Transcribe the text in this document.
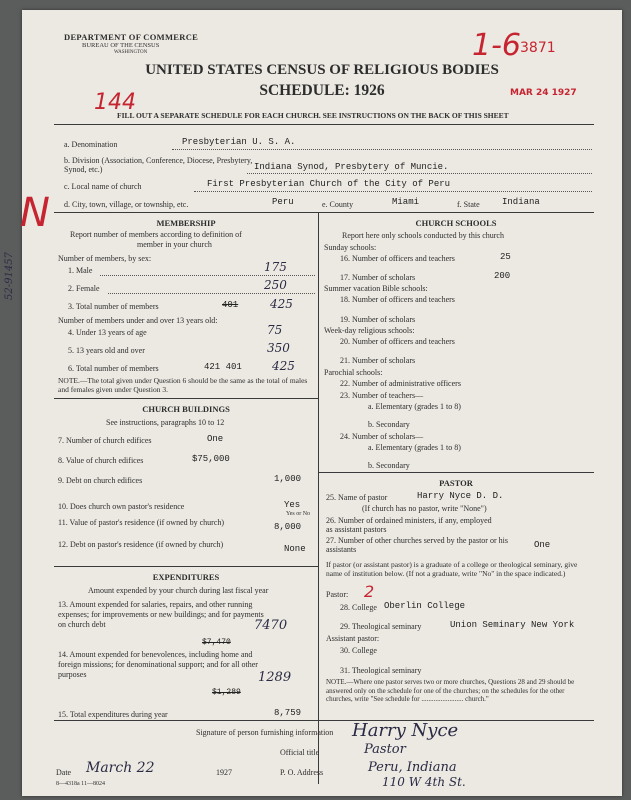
DEPARTMENT OF COMMERCE
BUREAU OF THE CENSUS
WASHINGTON
UNITED STATES CENSUS OF RELIGIOUS BODIES
SCHEDULE: 1926
FILL OUT A SEPARATE SCHEDULE FOR EACH CHURCH. SEE INSTRUCTIONS ON THE BACK OF THIS SHEET
MAR 24 1927
3871
1-6
144
a. Denomination	Presbyterian U. S. A.
b. Division (Association, Conference, Diocese, Presbytery, Synod, etc.)	Indiana Synod, Presbytery of Muncie.
c. Local name of church	First Presbyterian Church of the City of Peru
d. City, town, village, or township, etc.	Peru	e. County	Miami	f. State Indiana
MEMBERSHIP
Report number of members according to definition of
member in your church
Number of members, by sex:
1. Male	175
2. Female	250
3. Total number of members	401	425
Number of members under and over 13 years old:
4. Under 13 years of age	75
5. 13 years old and over	350
6. Total number of members	421 401	425
NOTE.—The total given under Question 6 should be the same as the total of males and females given under Question 3.
CHURCH BUILDINGS
See instructions, paragraphs 10 to 12
7. Number of church edifices	One
8. Value of church edifices	$75,000
9. Debt on church edifices	1,000
10. Does church own pastor's residence	Yes
Yes or No
11. Value of pastor's residence (if owned by church)	8,000
12. Debt on pastor's residence (if owned by church)	None
EXPENDITURES
Amount expended by your church during last fiscal year
13. Amount expended for salaries, repairs, and other running expenses; for improvements or new buildings; and for payments on church debt
$7,470
7470
14. Amount expended for benevolences, including home and foreign missions; for denominational support; and for all other purposes
$1,289
1289
15. Total expenditures during year	8,759
CHURCH SCHOOLS
Report here only schools conducted by this church
Sunday schools:
16. Number of officers and teachers	25
17. Number of scholars	200
Summer vacation Bible schools:
18. Number of officers and teachers
19. Number of scholars
Week-day religious schools:
20. Number of officers and teachers
21. Number of scholars
Parochial schools:
22. Number of administrative officers
23. Number of teachers—
a. Elementary (grades 1 to 8)
b. Secondary
24. Number of scholars—
a. Elementary (grades 1 to 8)
b. Secondary
PASTOR
25. Name of pastor	Harry Nyce D. D.
(If church has no pastor, write "None")
26. Number of ordained ministers, if any, employed as assistant pastors
27. Number of other churches served by the pastor or his assistants	One
If pastor (or assistant pastor) is a graduate of a college or theological seminary, give name of institution below. (If not a graduate, write "No" in the space indicated.)
Pastor: 2
28. College Oberlin College
29. Theological seminary	Union Seminary New York
Assistant pastor:
30. College
31. Theological seminary
NOTE.—Where one pastor serves two or more churches, Questions 28 and 29 should be answered only on the schedule for one of the churches; on the schedules for the other churches, write "See schedule for ........................ church."
Signature of person furnishing information Harry Nyce
Official title	Pastor
P. O. Address	Peru, Indiana
110 W 4th St.
Date March 22	1927
8—4318a 11—8024
N
52-91457
